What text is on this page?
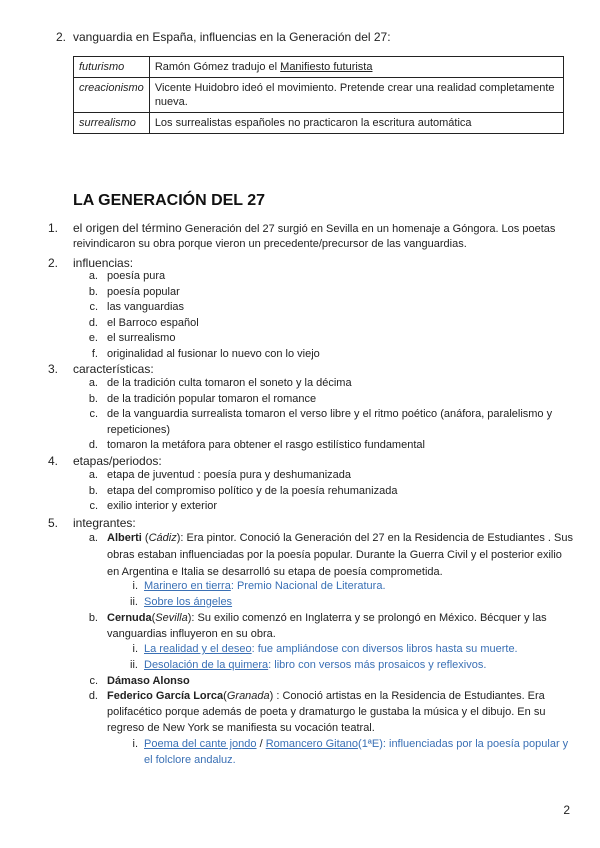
2. vanguardia en España, influencias en la Generación del 27:
futurismo	Ramón Gómez tradujo el Manifiesto futurista
creacionismo	Vicente Huidobro ideó el movimiento. Pretende crear una realidad completamente nueva.
surrealismo	Los surrealistas españoles no practicaron la escritura automática
LA GENERACIÓN DEL 27
1. el origen del término Generación del 27 surgió en Sevilla en un homenaje a Góngora. Los poetas
reivindicaron su obra porque vieron un precedente/precursor de las vanguardias.
2. influencias:
a. poesía pura
b. poesía popular
c. las vanguardias
d. el Barroco español
e. el surrealismo
f. originalidad al fusionar lo nuevo con lo viejo
3. características:
4. etapas/periodos:
5. integrantes:
a. Alberti (Cádiz): Era pintor. Conoció la Generación del 27 en la Residencia de Estudiantes . Sus
obras estaban influenciadas por la poesía popular. Durante la Guerra Civil y el posterior exilio
en Argentina e Italia se desarrolló su etapa de poesía comprometida.
i. Marinero en tierra: Premio Nacional de Literatura.
ii. Sobre los ángeles
b. Cernuda(Sevilla): Su exilio comenzó en Inglaterra y se prolongó en México. Bécquer y las
vanguardias influyeron en su obra.
i. La realidad y el deseo: fue ampliándose con diversos libros hasta su muerte.
ii. Desolación de la quimera: libro con versos más prosaicos y reflexivos.
c. Dámaso Alonso
d. Federico García Lorca(Granada) : Conoció artistas en la Residencia de Estudiantes. Era
polifacético porque además de poeta y dramaturgo le gustaba la música y el dibujo. En su
regreso de New York se manifiesta su vocación teatral.
i. Poema del cante jondo / Romancero Gitano(1ªE): influenciadas por la poesía popular y
el folclore andaluz.
2
a. de la tradición culta tomaron el soneto y la décima
b. de la tradición popular tomaron el romance
c. de la vanguardia surrealista tomaron el verso libre y el ritmo poético (anáfora, paralelismo y
repeticiones)
d. tomaron la metáfora para obtener el rasgo estilístico fundamental
a. etapa de juventud : poesía pura y deshumanizada
b. etapa del compromiso político y de la poesía rehumanizada
c. exilio interior y exterior
